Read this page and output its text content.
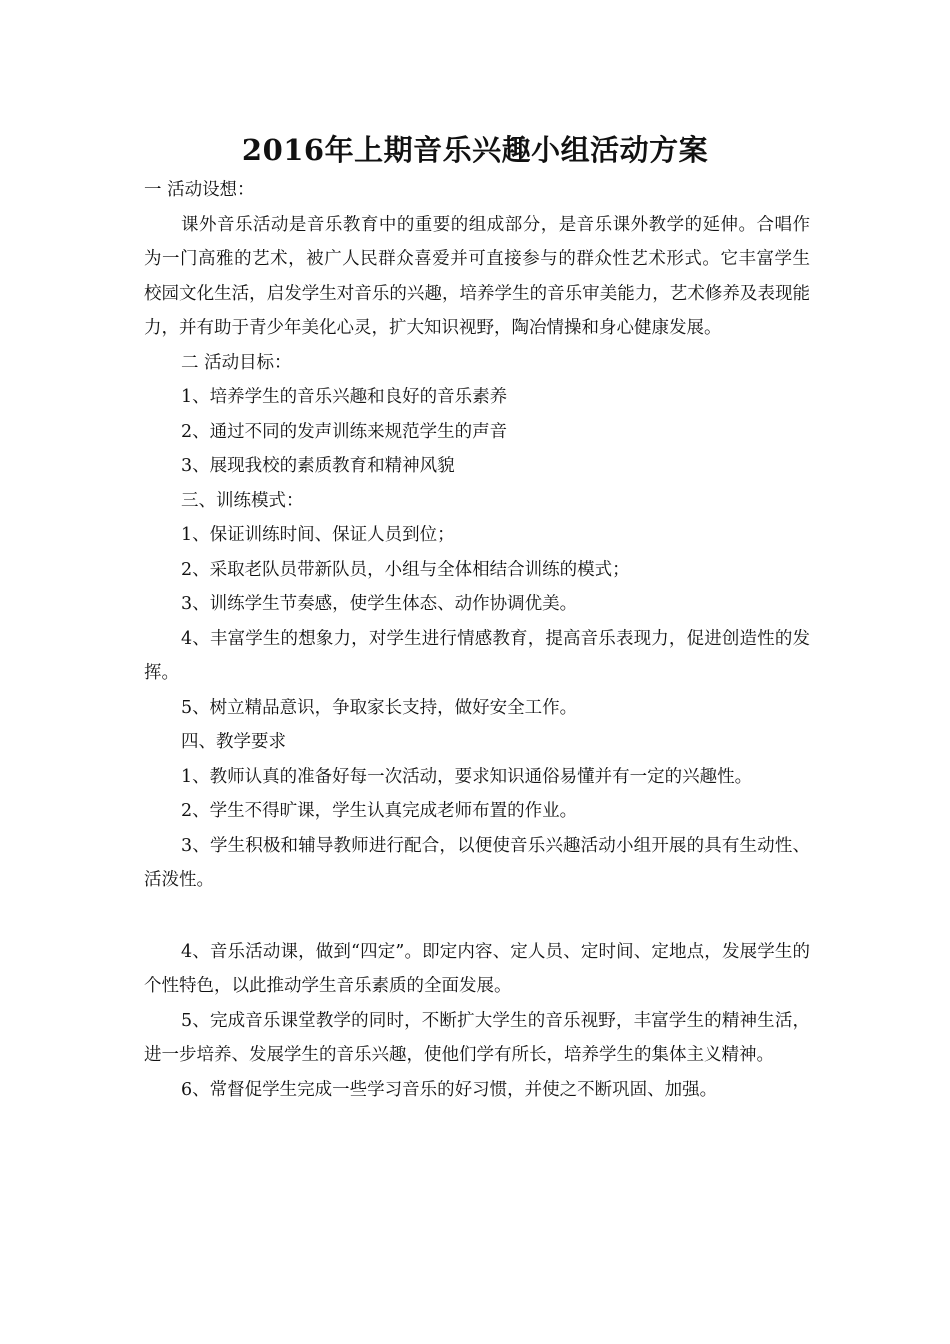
2016年上期音乐兴趣小组活动方案

一 活动设想：

课外音乐活动是音乐教育中的重要的组成部分，是音乐课外教学的延伸。合唱作为一门高雅的艺术，被广人民群众喜爱并可直接参与的群众性艺术形式。它丰富学生 校园文化生活，启发学生对音乐的兴趣，培养学生的音乐审美能力，艺术修养及表现能力，并有助于青少年美化心灵，扩大知识视野，陶冶情操和身心健康发展。

二 活动目标：

1、培养学生的音乐兴趣和良好的音乐素养

2、通过不同的发声训练来规范学生的声音

3、展现我校的素质教育和精神风貌

三、训练模式：

1、保证训练时间、保证人员到位；

2、采取老队员带新队员，小组与全体相结合训练的模式；

3、训练学生节奏感，使学生体态、动作协调优美。

4、丰富学生的想象力，对学生进行情感教育，提高音乐表现力，促进创造性的发挥。

5、树立精品意识，争取家长支持，做好安全工作。

四、教学要求

1、教师认真的准备好每一次活动，要求知识通俗易懂并有一定的兴趣性。

2、学生不得旷课，学生认真完成老师布置的作业。

3、学生积极和辅导教师进行配合，以便使音乐兴趣活动小组开展的具有生动性、活泼性。

4、音乐活动课，做到“四定”。即定内容、定人员、定时间、定地点，发展学生的个性特色，以此推动学生音乐素质的全面发展。

5、完成音乐课堂教学的同时，不断扩大学生的音乐视野，丰富学生的精神生活，进一步培养、发展学生的音乐兴趣，使他们学有所长，培养学生的集体主义精神。

6、常督促学生完成一些学习音乐的好习惯，并使之不断巩固、加强。
